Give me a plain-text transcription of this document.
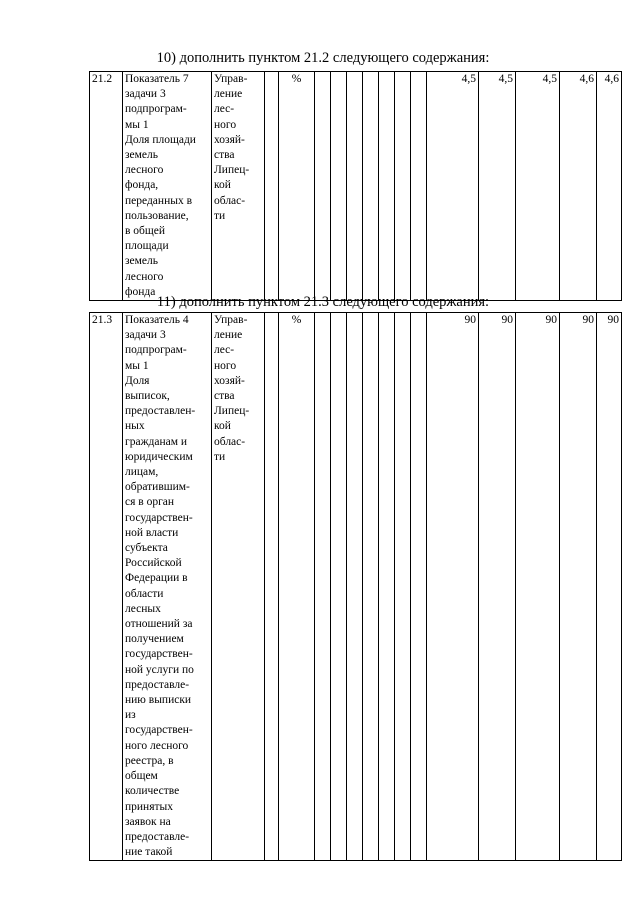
10) дополнить пунктом 21.2 следующего содержания:
21.2	Показатель 7
задачи 3
подпрограм-
мы 1
Доля площади
земель
лесного
фонда,
переданных в
пользование,
в общей
площади
земель
лесного
фонда	Управ-
ление
лес-
ного
хозяй-
ства
Липец-
кой
облас-
ти		%								4,5	4,5	4,5	4,6	4,6
11) дополнить пунктом 21.3 следующего содержания:
21.3	Показатель 4
задачи 3
подпрограм-
мы 1
Доля
выписок,
предоставлен-
ных
гражданам и
юридическим
лицам,
обратившим-
ся в орган
государствен-
ной власти
субъекта
Российской
Федерации в
области
лесных
отношений за
получением
государствен-
ной услуги по
предоставле-
нию выписки
из
государствен-
ного лесного
реестра, в
общем
количестве
принятых
заявок на
предоставле-
ние такой	Управ-
ление
лес-
ного
хозяй-
ства
Липец-
кой
облас-
ти		%								90	90	90	90	90
